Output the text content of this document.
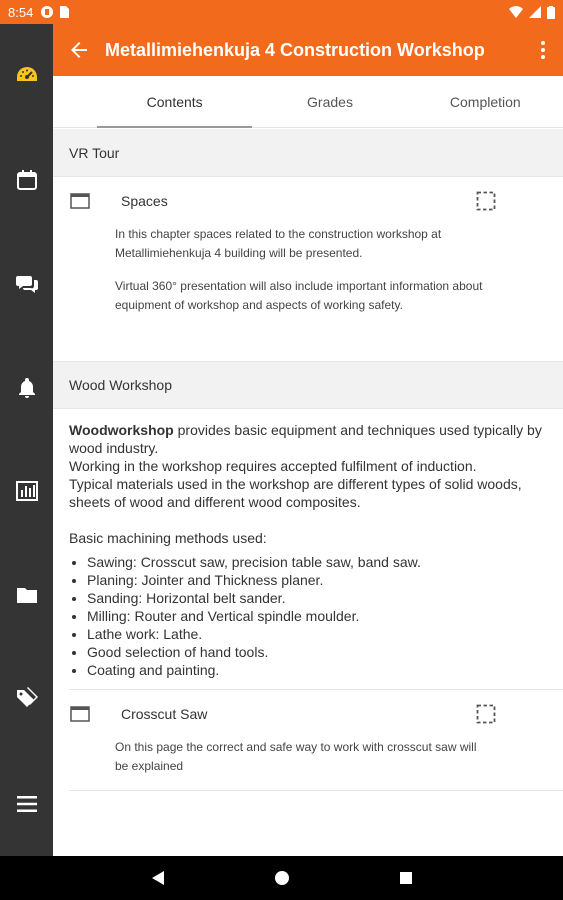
8:54
Metallimiehenkuja 4 Construction Workshop
Contents	Grades	Completion
VR Tour
Spaces

In this chapter spaces related to the construction workshop at Metallimiehenkuja 4 building will be presented.

Virtual 360° presentation will also include important information about equipment of workshop and aspects of working safety.

Wood Workshop
Woodworkshop provides basic equipment and techniques used typically by wood industry.
Working in the workshop requires accepted fulfilment of induction.
Typical materials used in the workshop are different types of solid woods, sheets of wood and different wood composites.
Basic machining methods used:
• Sawing: Crosscut saw, precision table saw, band saw.
• Planing: Jointer and Thickness planer.
• Sanding: Horizontal belt sander.
• Milling: Router and Vertical spindle moulder.
• Lathe work: Lathe.
• Good selection of hand tools.
• Coating and painting.
Crosscut Saw

On this page the correct and safe way to work with crosscut saw will be explained
